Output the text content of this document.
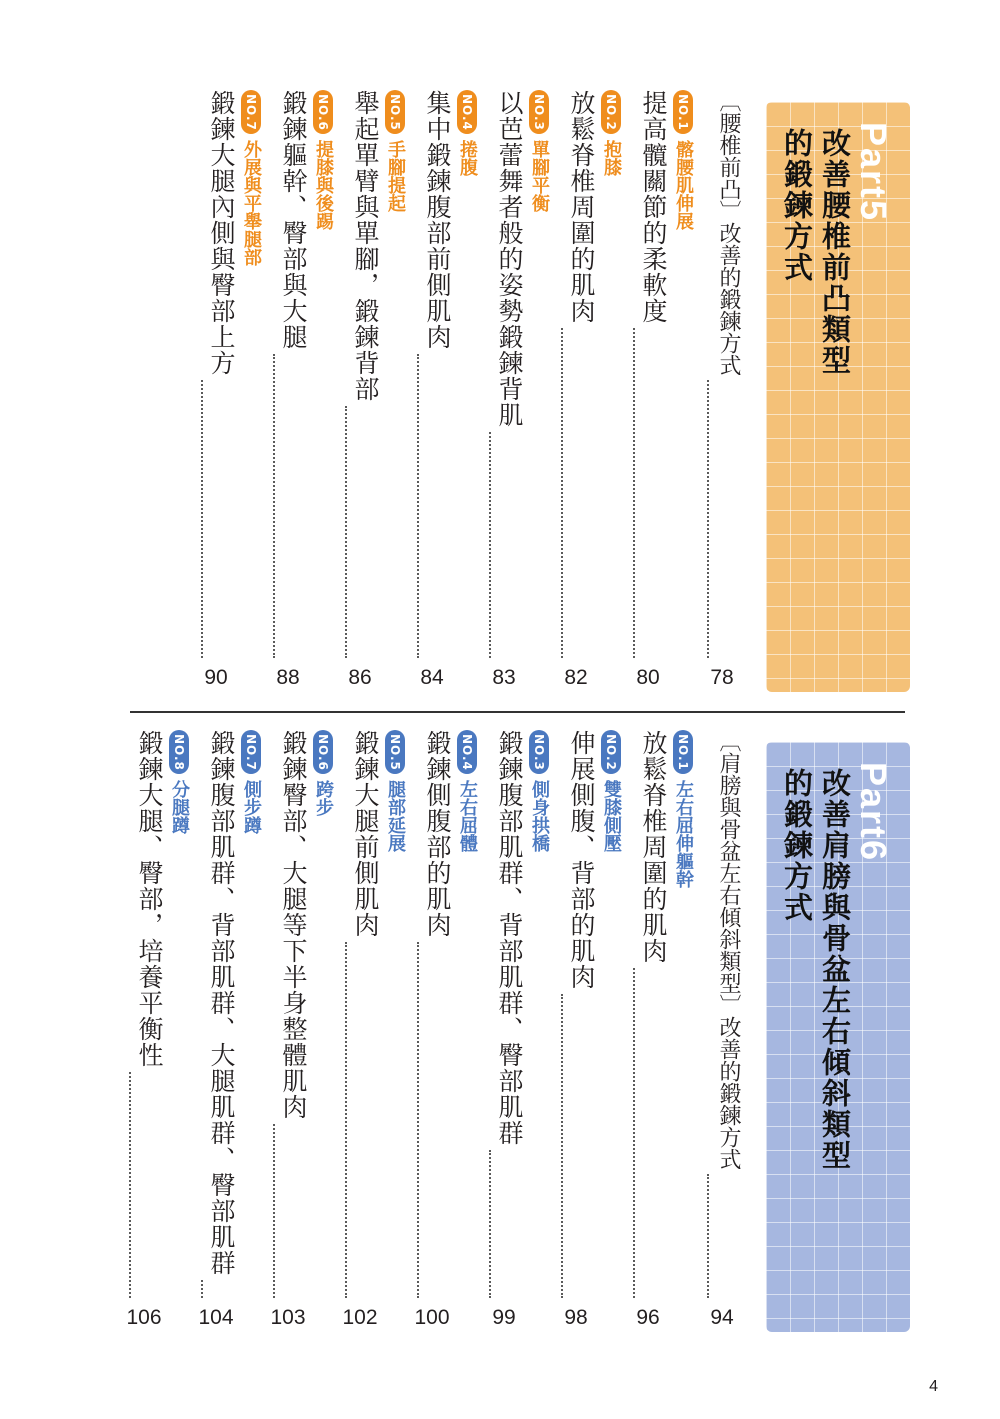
Part5
改善腰椎前凸類型
的鍛鍊方式
〔腰椎前凸〕改善的鍛鍊方式
78
NO.1
髂腰肌伸展
提高髖關節的柔軟度
80
NO.2
抱膝
放鬆脊椎周圍的肌肉
82
NO.3
單腳平衡
以芭蕾舞者般的姿勢鍛鍊背肌
83
NO.4
捲腹
集中鍛鍊腹部前側肌肉
84
NO.5
手腳提起
舉起單臂與單腳，鍛鍊背部
86
NO.6
提膝與後踢
鍛鍊軀幹、臀部與大腿
88
NO.7
外展與平舉腿部
鍛鍊大腿內側與臀部上方
90
Part6
改善肩膀與骨盆左右傾斜類型
的鍛鍊方式
〔肩膀與骨盆左右傾斜類型〕改善的鍛鍊方式
94
NO.1
左右屈伸軀幹
放鬆脊椎周圍的肌肉
96
NO.2
雙膝側壓
伸展側腹、背部的肌肉
98
NO.3
側身拱橋
鍛鍊腹部肌群、背部肌群、臀部肌群
99
NO.4
左右屈體
鍛鍊側腹部的肌肉
100
NO.5
腿部延展
鍛鍊大腿前側肌肉
102
NO.6
跨步
鍛鍊臀部、大腿等下半身整體肌肉
103
NO.7
側步蹲
鍛鍊腹部肌群、背部肌群、大腿肌群、臀部肌群
104
NO.8
分腿蹲
鍛鍊大腿、臀部，培養平衡性
106
4
